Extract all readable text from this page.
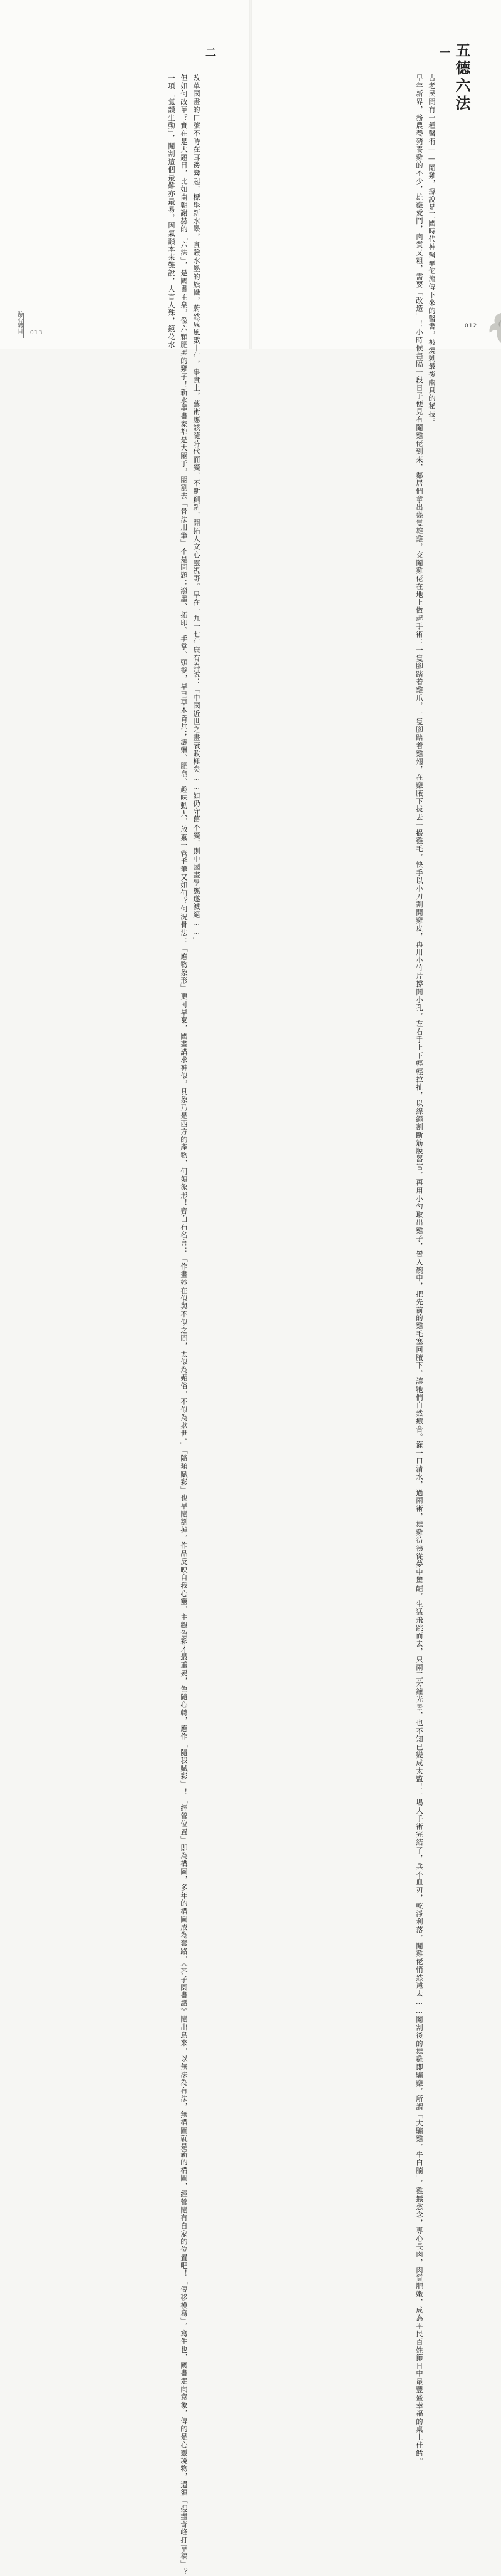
五德六法
一

　　古老民間有一種醫術——閹雞，據說是三國時代神醫華佗流傳下來的醫書，被燒剩最後兩頁的秘技。

　　早年新界，務農養豬養雞的不少，雄雞愛鬥，肉質又粗，需要「改造」！小時候每隔一段日子便見有閹雞佬到來，鄰居們拿出幾隻雄雞，交閹雞佬在地上做起手術：一隻腳踏着雞爪，一隻腳踏着雞翅，在雞腋下拔去一撮雞毛，快手以小刀割開雞皮，再用小竹片撐開小孔，左右手上下輕輕拉扯，以線繩割斷筋膜器官，再用小勺取出雞子，置入碗中，把先前的雞毛塞回腋下，讓牠們自然癒合。灌一口清水，過兩術，雄雞彷彿從夢中驚醒，生猛飛跳而去，只兩三分鐘光景，也不知已變成太監！一場大手術完結了，兵不血刃，乾淨利落，閹雞佬悄然遠去……閹割後的雄雞即騸雞，所謂「大騸雞，牛白腩」，雞無愁念，專心長肉，肉質肥嫩，成為平民百姓節日中最豐盛幸福的桌上佳餚。	012
二

　　改革國畫的口號不時在耳邊響起，標舉新水墨，實驗水墨的旗幟，蔚然成風數十年，事實上，藝術應該隨時代而變，不斷創新，開拓人文心靈視野。早在一九一七年康有為說：「中國近世之畫衰敗極矣……如仍守舊不變，則中國畫學應遂滅絕……」

　　但如何改革？實在是大題目，比如南朝謝赫的「六法」，是國畫主臬，像六顆肥美的雞子！新水墨畫家都是大閹手，閹割去「骨法用筆」不是問題；潑墨、拓印、手掌、頭髮，早已草木皆兵；灑蠟、肥皂、趣味動人，放棄一管毛筆又如何？何況骨法：「應物象形」更可早棄，國畫講求神似，具象乃是西方的產物，何須象形！齊白石名言：「作畫妙在似與不似之間，太似為媚俗，不似為欺世。」「隨類賦彩」也早閹割掉，作品反映自我心靈，主觀色彩才最重要，色隨心轉，應作「隨我賦彩」！「經營位置」即為構圖，多年的構圖成為套路，《芥子園畫譜》閹出鳥來，以無法為有法，無構圖就是新的構圖，經營閹有自家的位置吧！「傳移模寫」，寫生也，國畫走向意象，傳的是心靈境物，還須「搜盡奇峰打草稿」？

　　一項「氣韻生動」，閹割這個最難亦最易，因氣韻本來難說，人言人殊，鏡花水

游心騁目 013
